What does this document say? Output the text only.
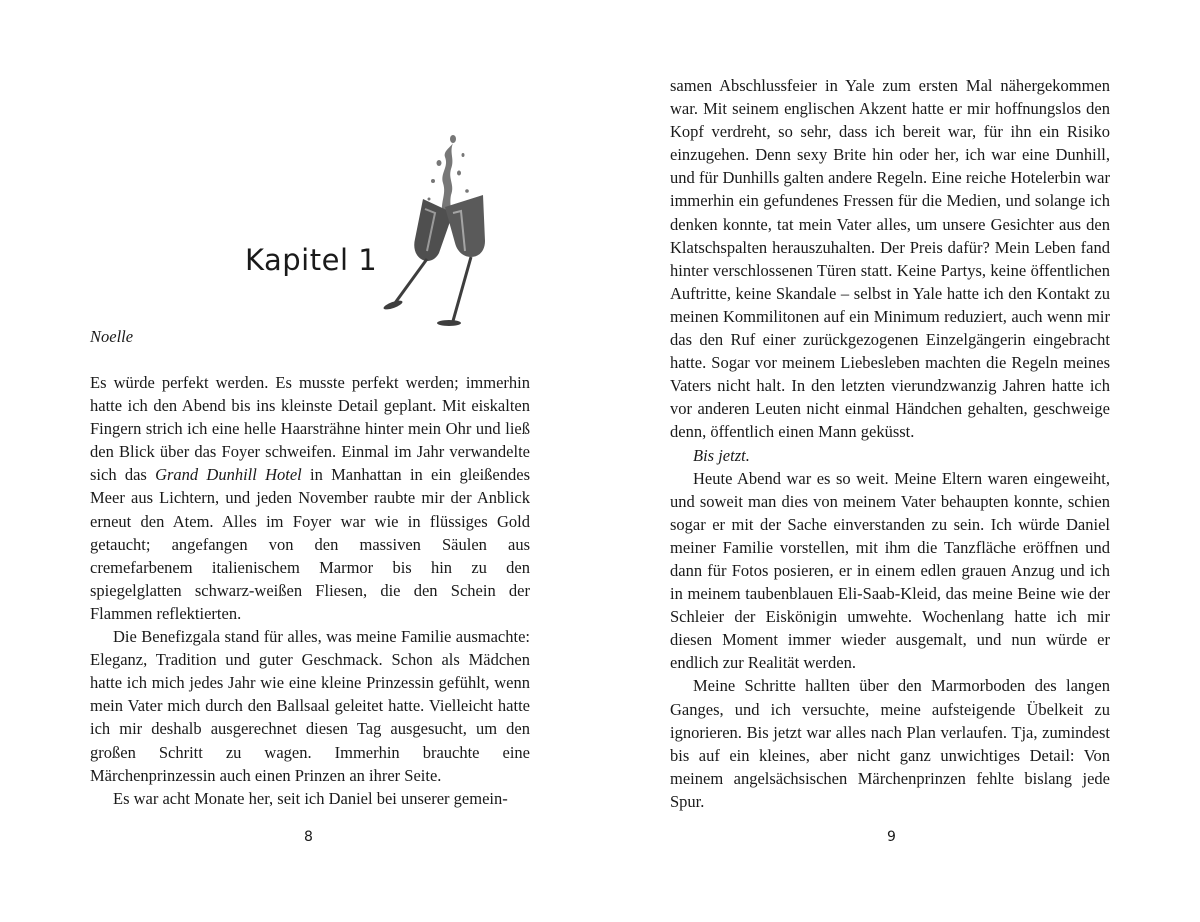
Kapitel 1

Noelle

Es würde perfekt werden. Es musste perfekt werden; immerhin hatte ich den Abend bis ins kleinste Detail geplant. Mit eiskalten Fingern strich ich eine helle Haarsträhne hinter mein Ohr und ließ den Blick über das Foyer schweifen. Einmal im Jahr verwandelte sich das Grand Dunhill Hotel in Manhattan in ein gleißendes Meer aus Lichtern, und jeden November raubte mir der Anblick erneut den Atem. Alles im Foyer war wie in flüssiges Gold getaucht; angefangen von den massiven Säulen aus cremefarbenem italienischem Marmor bis hin zu den spiegelglatten schwarz-weißen Fliesen, die den Schein der Flammen reflektierten.

Die Benefizgala stand für alles, was meine Familie ausmachte: Eleganz, Tradition und guter Geschmack. Schon als Mädchen hatte ich mich jedes Jahr wie eine kleine Prinzessin gefühlt, wenn mein Vater mich durch den Ballsaal geleitet hatte. Vielleicht hatte ich mir deshalb ausgerechnet diesen Tag ausgesucht, um den großen Schritt zu wagen. Immerhin brauchte eine Märchenprinzessin auch einen Prinzen an ihrer Seite.

Es war acht Monate her, seit ich Daniel bei unserer gemein-

8

samen Abschlussfeier in Yale zum ersten Mal nähergekommen war. Mit seinem englischen Akzent hatte er mir hoffnungslos den Kopf verdreht, so sehr, dass ich bereit war, für ihn ein Risiko einzugehen. Denn sexy Brite hin oder her, ich war eine Dunhill, und für Dunhills galten andere Regeln. Eine reiche Hotelerbin war immerhin ein gefundenes Fressen für die Medien, und solange ich denken konnte, tat mein Vater alles, um unsere Gesichter aus den Klatschspalten herauszuhalten. Der Preis dafür? Mein Leben fand hinter verschlossenen Türen statt. Keine Partys, keine öffentlichen Auftritte, keine Skandale – selbst in Yale hatte ich den Kontakt zu meinen Kommilitonen auf ein Minimum reduziert, auch wenn mir das den Ruf einer zurückgezogenen Einzelgängerin eingebracht hatte. Sogar vor meinem Liebesleben machten die Regeln meines Vaters nicht halt. In den letzten vierundzwanzig Jahren hatte ich vor anderen Leuten nicht einmal Händchen gehalten, geschweige denn, öffentlich einen Mann geküsst.

Bis jetzt.

Heute Abend war es so weit. Meine Eltern waren eingeweiht, und soweit man dies von meinem Vater behaupten konnte, schien sogar er mit der Sache einverstanden zu sein. Ich würde Daniel meiner Familie vorstellen, mit ihm die Tanzfläche eröffnen und dann für Fotos posieren, er in einem edlen grauen Anzug und ich in meinem taubenblauen Eli-Saab-Kleid, das meine Beine wie der Schleier der Eiskönigin umwehte. Wochenlang hatte ich mir diesen Moment immer wieder ausgemalt, und nun würde er endlich zur Realität werden.

Meine Schritte hallten über den Marmorboden des langen Ganges, und ich versuchte, meine aufsteigende Übelkeit zu ignorieren. Bis jetzt war alles nach Plan verlaufen. Tja, zumindest bis auf ein kleines, aber nicht ganz unwichtiges Detail: Von meinem angelsächsischen Märchenprinzen fehlte bislang jede Spur.

9
